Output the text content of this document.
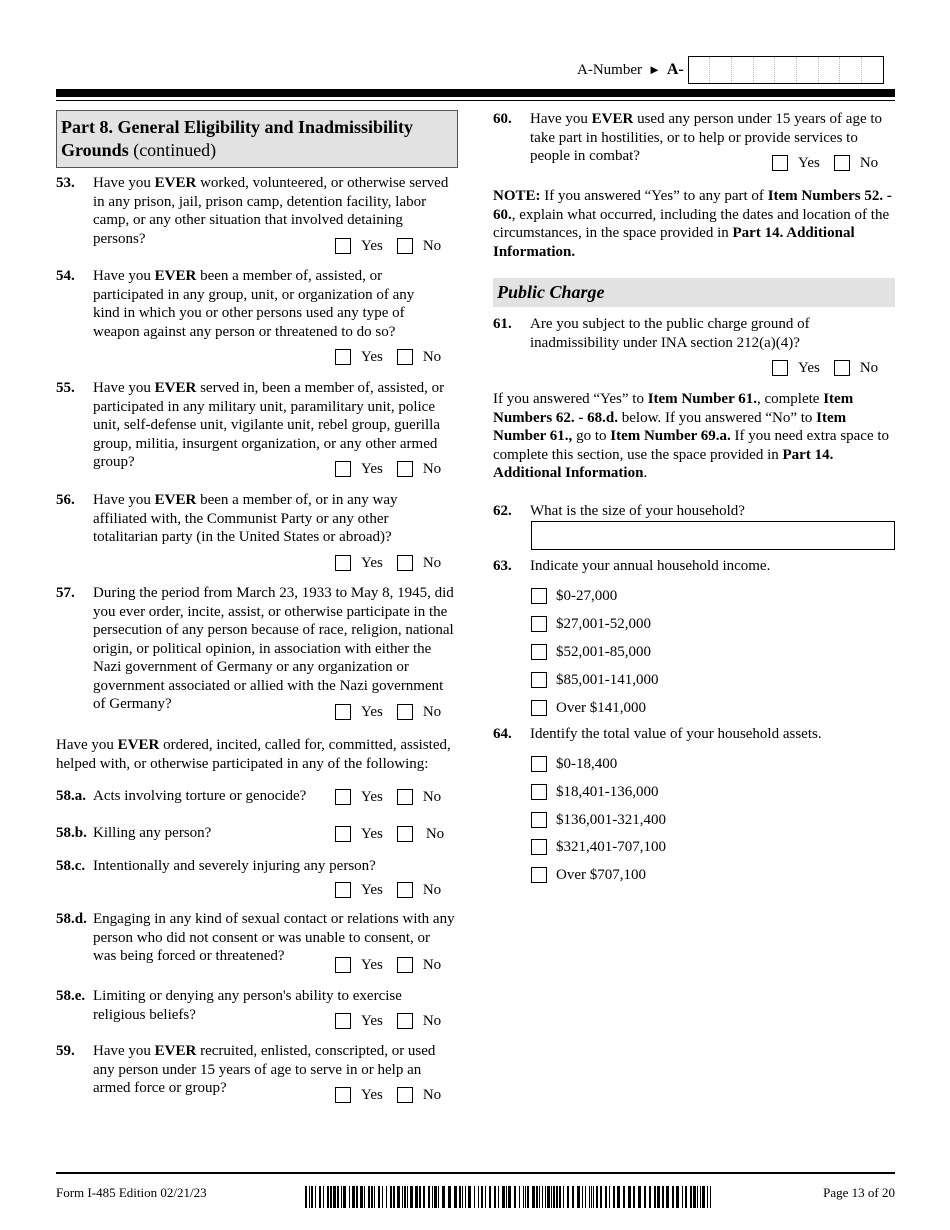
A-Number ► A-
Part 8. General Eligibility and Inadmissibility Grounds (continued)
53. Have you EVER worked, volunteered, or otherwise served in any prison, jail, prison camp, detention facility, labor camp, or any other situation that involved detaining persons?	Yes	No
54. Have you EVER been a member of, assisted, or participated in any group, unit, or organization of any kind in which you or other persons used any type of weapon against any person or threatened to do so?
Yes	No
55. Have you EVER served in, been a member of, assisted, or participated in any military unit, paramilitary unit, police unit, self-defense unit, vigilante unit, rebel group, guerilla group, militia, insurgent organization, or any other armed group?	Yes	No
56. Have you EVER been a member of, or in any way affiliated with, the Communist Party or any other totalitarian party (in the United States or abroad)?
Yes	No
57. During the period from March 23, 1933 to May 8, 1945, did you ever order, incite, assist, or otherwise participate in the persecution of any person because of race, religion, national origin, or political opinion, in association with either the Nazi government of Germany or any organization or government associated or allied with the Nazi government of Germany?	Yes	No
Have you EVER ordered, incited, called for, committed, assisted, helped with, or otherwise participated in any of the following:
58.a. Acts involving torture or genocide?	Yes	No
58.b. Killing any person?	Yes	No
58.c. Intentionally and severely injuring any person?
Yes	No
58.d. Engaging in any kind of sexual contact or relations with any person who did not consent or was unable to consent, or was being forced or threatened?
Yes	No
58.e. Limiting or denying any person's ability to exercise religious beliefs?	Yes	No
59. Have you EVER recruited, enlisted, conscripted, or used any person under 15 years of age to serve in or help an armed force or group?	Yes	No
60. Have you EVER used any person under 15 years of age to take part in hostilities, or to help or provide services to people in combat?	Yes	No
NOTE: If you answered “Yes” to any part of Item Numbers 52. - 60., explain what occurred, including the dates and location of the circumstances, in the space provided in Part 14. Additional Information.
Public Charge
61. Are you subject to the public charge ground of inadmissibility under INA section 212(a)(4)?
Yes	No
If you answered “Yes” to Item Number 61., complete Item Numbers 62. - 68.d. below. If you answered “No” to Item Number 61., go to Item Number 69.a. If you need extra space to complete this section, use the space provided in Part 14. Additional Information.
62. What is the size of your household?
63. Indicate your annual household income.
$0-27,000
$27,001-52,000
$52,001-85,000
$85,001-141,000
Over $141,000
64. Identify the total value of your household assets.
$0-18,400
$18,401-136,000
$136,001-321,400
$321,401-707,100
Over $707,100
Form I-485 Edition 02/21/23	Page 13 of 20
